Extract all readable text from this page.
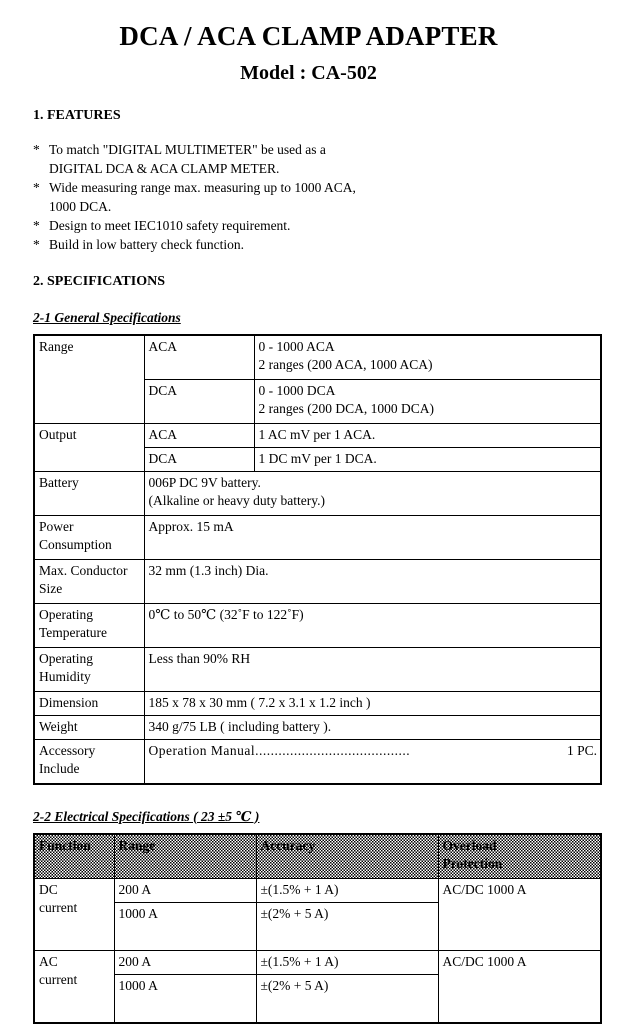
DCA / ACA CLAMP ADAPTER
Model : CA-502
1. FEATURES
* To match "DIGITAL MULTIMETER" be used as a
DIGITAL DCA & ACA CLAMP METER.
* Wide measuring range max. measuring up to 1000 ACA,
1000 DCA.
* Design to meet IEC1010 safety requirement.
* Build in low battery check function.
2. SPECIFICATIONS
2-1 General Specifications
Range	ACA	0 - 1000 ACA
2 ranges (200 ACA, 1000 ACA)

	DCA	0 - 1000 DCA
2 ranges (200 DCA, 1000 DCA)

Output	ACA	1 AC mV per 1 ACA.
	DCA	1 DC mV per 1 DCA.
Battery	006P DC 9V battery.
(Alkaline or heavy duty battery.)	

Power
Consumption	Approx. 15 mA	

Max. Conductor
Size	32 mm (1.3 inch) Dia.	

Operating
Temperature	0℃ to 50℃ (32˚F to 122˚F)	

Operating
Humidity	Less than 90% RH	
Dimension	185 x 78 x 30 mm ( 7.2 x 3.1 x 1.2 inch )	
Weight	340 g/75 LB ( including battery ).	

Accessory
Include	Operation Manual........................................ 1 PC.	
2-2 Electrical Specifications ( 23 ±5 ℃ )
Function	Range	Accuracy	Overload
Protection

DC
current	200 A	±(1.5% + 1 A)	AC/DC 1000 A
	1000 A	±(2% + 5 A)	

AC
current	200 A	±(1.5% + 1 A)	AC/DC 1000 A
	1000 A	±(2% + 5 A)	
